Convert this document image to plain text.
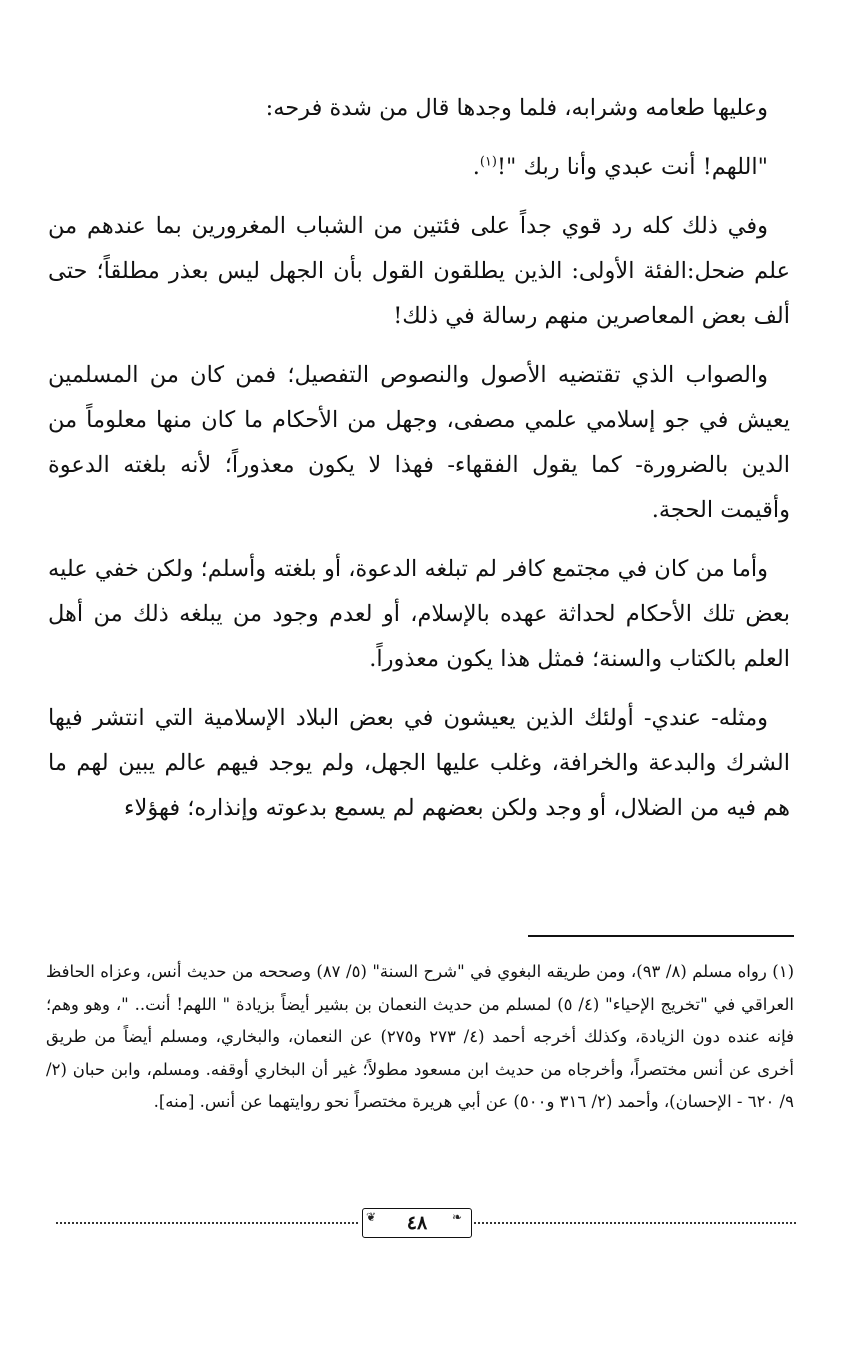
وعليها طعامه وشرابه، فلما وجدها قال من شدة فرحه:

"اللهم! أنت عبدي وأنا ربك "!$^{(١)}$.

وفي ذلك كله رد قوي جداً على فئتين من الشباب المغرورين بما عندهم من علم ضحل:الفئة الأولى: الذين يطلقون القول بأن الجهل ليس بعذر مطلقاً؛ حتى ألف بعض المعاصرين منهم رسالة في ذلك!

والصواب الذي تقتضيه الأصول والنصوص التفصيل؛ فمن كان من المسلمين يعيش في جو إسلامي علمي مصفى، وجهل من الأحكام ما كان منها معلوماً من الدين بالضرورة- كما يقول الفقهاء- فهذا لا يكون معذوراً؛ لأنه بلغته الدعوة وأقيمت الحجة.

وأما من كان في مجتمع كافر لم تبلغه الدعوة، أو بلغته وأسلم؛ ولكن خفي عليه بعض تلك الأحكام لحداثة عهده بالإسلام، أو لعدم وجود من يبلغه ذلك من أهل العلم بالكتاب والسنة؛ فمثل هذا يكون معذوراً.

ومثله- عندي- أولئك الذين يعيشون في بعض البلاد الإسلامية التي انتشر فيها الشرك والبدعة والخرافة، وغلب عليها الجهل، ولم يوجد فيهم عالم يبين لهم ما هم فيه من الضلال، أو وجد ولكن بعضهم لم يسمع بدعوته وإنذاره؛ فهؤلاء

(١) رواه مسلم (٨/ ٩٣)، ومن طريقه البغوي في "شرح السنة" (٥/ ٨٧) وصححه من حديث أنس، وعزاه الحافظ العراقي في "تخريج الإحياء" (٤/ ٥) لمسلم من حديث النعمان بن بشير أيضاً بزيادة " اللهم! أنت.. "، وهو وهم؛ فإنه عنده دون الزيادة، وكذلك أخرجه أحمد (٤/ ٢٧٣ و٢٧٥) عن النعمان، والبخاري، ومسلم أيضاً من طريق أخرى عن أنس مختصراً، وأخرجاه من حديث ابن مسعود مطولاً؛ غير أن البخاري أوقفه. ومسلم، وابن حبان (٢/ ٩/ ٦٢٠ - الإحسان)، وأحمد (٢/ ٣١٦ و٥٠٠) عن أبي هريرة مختصراً نحو روايتهما عن أنس. [منه].

٤٨
❦	❧
